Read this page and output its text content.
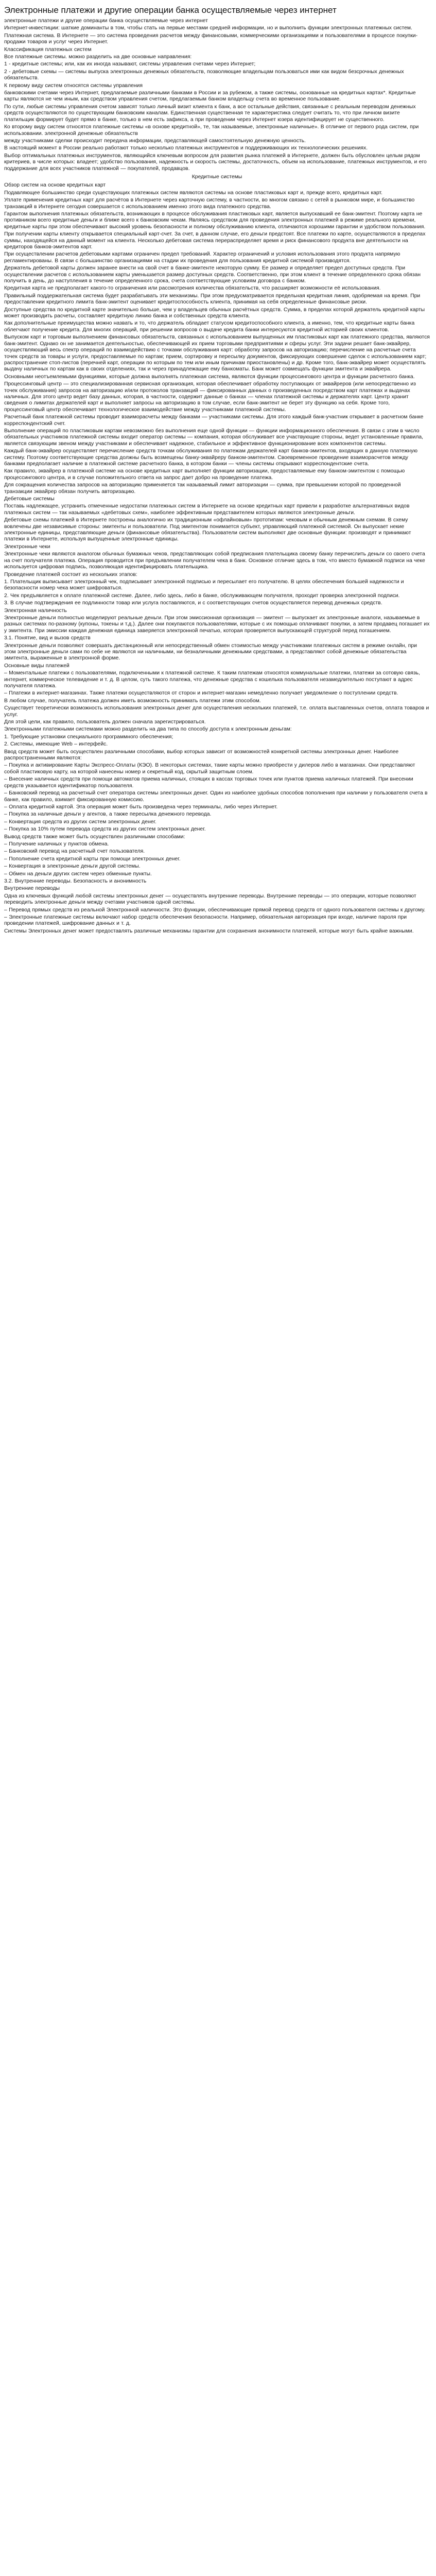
Электронные платежи и другие операции банка осуществляемые через интернет

электронные платежи и другие операции банка осуществляемые через интернет

Интернет-инвестиции: шаткие доминанты в том, чтобы стать на первые местами средней информации, но и выполнить функции электронных платежных систем.

Платежная система. В Интернете — это система проведения расчетов между финансовыми, коммерческими организациями и пользователями в процессе покупки-продажи товаров и услуг через Интернет.

Классификация платежных систем

Все платежные системы. можно разделить на две основные направления:

1 - кредитные системы; или, как их иногда называют, системы управления счетами через Интернет;

2 - дебетовые схемы — системы выпуска электронных денежных обязательств, позволяющие владельцам пользоваться ими как видом безсрочных денежных обязательств.

К первому виду систем относятся системы управления

банковскими счетами через Интернет, предлагаемые различными банками в России и за рубежом, а также системы, основанные на кредитных картах*. Кредитные карты являются не чем иным, как средством управления счетом, предлагаемым банком владельцу счета во временное пользование.

По сути, любые системы управления счетом зависят только личный визит клиента к банк, а все остальные действия, связанные с реальным переводом денежных средств осуществляются по существующим банковским каналам. Единственная существенная те характеристика следует считать то, что при личном визите платильщик формирует будет прямо в банке, только в нем есть зафикса, а при проведении через Интернет юзера идентифицирует не существенного.

Ко второму виду систем относятся платежные системы «в основе кредитной», те, так называемые, электронные наличные». В отличие от первого рода систем, при использовании. электронной денежные обязательств

между участниками сделки происходит передача информации, представляющей самостоятельную денежную ценность.

В настоящий момент в России реально работают только несколько платежных инструментов и поддерживающих их технологических решениях.

Выбор оптимальных платежных инструментов, являющийся ключевым вопросом для развития рынка платежей в Интернете, должен быть обусловлен целым рядом критериев, в числе которых: владеет; удобство пользования, надежность и скорость системы, достаточность, объем на использование, платежных инструментов, и его поддержание для всех участников платежной — покупателей, продавцов.

Кредитные системы

Обзор систем на основе кредитных карт

Подавляющее большинство среди существующих платежных систем являются системы на основе пластиковых карт и, прежде всего, кредитных карт.

Уплате применения кредитных карт для расчётов в Интернете через карточную систему, в частности, во многом связано с сетей в рынковом мире, и большинство транзакций в Интернете сегодня совершается с использованием именно этого вида платежного средства.

Гарантом выполнения платежных обязательств, возникающих в процессе обслуживания пластиковых карт, является выпускавший ее банк-эмитент. Поэтому карта не противником всего кредитные деньги и ближе всего к банковским чекам. Являясь средством для проведения электронных платежей в режиме реального времени, кредитные карты при этом обеспечивают высокий уровень безопасности и полному обслуживанию клиента, отличаются хорошими гарантии и удобством пользования.

При получении карты клиенту открывается специальный карт-счет. За счет, в данном случае, его деньги предстоят. Все платежи по карте, осуществляются в пределах суммы, находящейся на данный момент на клиента. Несколько дебетовая система перераспределяет время и риск финансового продукта вне деятельности на кредиторов банков-эмитентов карт.

При осуществлении расчетов дебетовыми картами ограничен предел требований. Характер ограничений и условия использования этого продукта напрямую регламентированы. В связи с большинство организациями на стадии их проведения для пользования кредитной системой производятся.

Держатель дебетовой карты должен заранее внести на свой счет в банке-эмитенте некоторую сумму. Ее размер и определяет предел доступных средств. При осуществлении расчетов с использованием карты уменьшается размер доступных средств. Соответственно, при этом клиент в течение определенного срока обязан получить в день, до наступления в течение определенного срока, счета соответствующие условиям договора с банком.

Кредитная карта не предполагает какого-то ограничения или рассмотрения количества обязательств, что расширяет возможности её использования.

Правильный поддержательная система будет разрабатывать эти механизмы. При этом предусматривается предельная кредитная линия, одобряемая на время. При предоставлении кредитного лимита банк-эмитент оценивает кредитоспособность клиента, принимая на себя определенные финансовые риски.

Доступные средства по кредитной карте значительно больше, чем у владельцев обычных расчётных средств. Сумма, в пределах которой держатель кредитной карты может производить расчеты, составляет кредитную линию банка и собственных средств клиента.

Как дополнительные преимущества можно назвать и то, что держатель обладает статусом кредитоспособного клиента, а именно, тем, что кредитные карты банка облегчают получение кредита. Для многих операций, при решении вопросов о выдаче кредита банки интересуются кредитной историей своих клиентов.

Выпуском карт и торговым выполнением финансовых обязательств, связанных с использованием выпущенных им пластиковых карт как платежного средства, являются банк-эмитент. Однако он не занимается деятельностью, обеспечивающей их прием торговыми предприятиями и сферы услуг. Эти задачи решает банк-эквайрер, осуществляющий весь спектр операций по взаимодействию с точками обслуживания карт: обработку запросов на авторизацию; перечисление на расчетные счета точек средств за товары и услуги, предоставляемые по картам; прием, сортировку и пересылку документов, фиксирующих совершение сделок с использованием карт; распространение стоп-листов (перечней карт, операции по которым по тем или иным причинам приостановлены) и др. Кроме того, банк-эквайрер может осуществлять выдачу наличных по картам как в своих отделениях, так и через принадлежащие ему банкоматы. Банк может совмещать функции эмитента и эквайрера.

Основными неотъемлемыми функциями, которые должна выполнять платежная система, являются функции процессингового центра и функции расчетного банка.

Процессинговый центр — это специализированная сервисная организация, которая обеспечивает обработку поступающих от эквайреров (или непосредственно из точек обслуживания) запросов на авторизацию и/или протоколов транзакций — фиксированных данных о произведенных посредством карт платежах и выдачах наличных. Для этого центр ведет базу данных, которая, в частности, содержит данные о банках — членах платежной системы и держателях карт. Центр хранит сведения о лимитах держателей карт и выполняет запросы на авторизацию в том случае, если банк-эмитент не берет эту функцию на себя. Кроме того, процессинговый центр обеспечивает технологическое взаимодействие между участниками платежной системы.

Расчетный банк платежной системы проводит взаиморасчеты между банками — участниками системы. Для этого каждый банк-участник открывает в расчетном банке корреспондентский счет.

Выполнение операций по пластиковым картам невозможно без выполнения еще одной функции — функции информационного обеспечения. В связи с этим в число обязательных участников платежной системы входит оператор системы — компания, которая обслуживает все участвующие стороны, ведет установленные правила, является связующим звеном между участниками и обеспечивает надежное, стабильное и эффективное функционирование всех компонентов системы.

Каждый банк-эквайрер осуществляет перечисление средств точкам обслуживания по платежам держателей карт банков-эмитентов, входящих в данную платежную систему. Поэтому соответствующие средства должны быть возмещены банку-эквайреру банком-эмитентом. Своевременное проведение взаиморасчетов между банками предполагает наличие в платежной системе расчетного банка, в котором банки — члены системы открывают корреспондентские счета.

Как правило, эквайрер в платежной системе на основе кредитных карт выполняет функции авторизации, предоставляемые ему банком-эмитентом с помощью процессингового центра, и в случае положительного ответа на запрос дает добро на проведение платежа.

Для сокращения количества запросов на авторизацию применяется так называемый лимит авторизации — сумма, при превышении которой по проведенной транзакции эквайрер обязан получить авторизацию.

Дебетовые системы

Поставь надлежащее, устранить отмеченные недостатки платежных систем в Интернете на основе кредитных карт привели к разработке альтернативных видов платежных систем — так называемых «дебетовых схем», наиболее эффективным представителем которых являются электронные деньги.

Дебетовые схемы платежей в Интернете построены аналогично их традиционным «офлайновым» прототипам: чековым и обычным денежным схемам. В схему вовлечены две независимые стороны: эмитенты и пользователи. Под эмитентом понимается субъект, управляющий платежной системой. Он выпускает некие электронные единицы, представляющие деньги (финансовые обязательства). Пользователи систем выполняют две основные функции: производят и принимают платежи в Интернете, используя выпущенные электронные единицы.

Электронные чеки

Электронные чеки являются аналогом обычных бумажных чеков, представляющих собой предписания плательщика своему банку перечислить деньги со своего счета на счет получателя платежа. Операция проводится при предъявлении получателем чека в банк. Основное отличие здесь в том, что вместо бумажной подписи на чеке используется цифровая подпись, позволяющая идентифицировать плательщика.

Проведение платежей состоит из нескольких этапов:

1. Плательщик выписывает электронный чек, подписывает электронной подписью и пересылает его получателю. В целях обеспечения большей надежности и безопасности номер чека может шифроваться.

2. Чек предъявляется к оплате платежной системе. Далее, либо здесь, либо в банке, обслуживающем получателя, проходит проверка электронной подписи.

3. В случае подтверждения ее подлинности товар или услуга поставляются, и с соответствующих счетов осуществляется перевод денежных средств.

Электронная наличность

Электронные деньги полностью моделируют реальные деньги. При этом эмиссионная организация — эмитент — выпускает их электронные аналоги, называемые в разных системах по-разному (купоны, токены и т.д.). Далее они покупаются пользователями, которые с их помощью оплачивают покупки, а затем продавец погашает их у эмитента. При эмиссии каждая денежная единица заверяется электронной печатью, которая проверяется выпускающей структурой перед погашением.

3.1. Понятие, вид и вызов средств

Электронные деньги позволяют совершать дистанционный или непосредственный обмен стоимостью между участниками платежных систем в режиме онлайн, при этом электронные деньги сами по себе не являются ни наличными, ни безналичными денежными средствами, а представляют собой денежные обязательства эмитента, выраженные в электронной форме.

Основные виды платежей

– Моментальные платежи с пользователями, подключенными к платежной системе. К таким платежам относятся коммунальные платежи, платежи за сотовую связь, интернет, коммерческое телевидение и т. д. В целом, суть такого платежа, что денежные средства с кошелька пользователя незамедлительно поступают в адрес получателя платежа.

– Платежи в интернет-магазинах. Также платежи осуществляются от сторон и интернет-магазин немедленно получает уведомление о поступлении средств.

В любом случае, получатель платежа должен иметь возможность принимать платежи этим способом.

Существует теоретически возможность использования электронных денег для осуществления нескольких платежей, т.е. оплата выставленных счетов, оплата товаров и услуг.

Для этой цели, как правило, пользователь должен сначала зарегистрироваться.

Электронными платежными системами можно разделить на два типа по способу доступа к электронным деньгам:

1. Требующие установки специального программного обеспечения;

2. Системы, имеющие Web – интерфейс.

Ввод средств может быть осуществлен различными способами, выбор которых зависит от возможностей конкретной системы электронных денег. Наиболее распространенными являются:

– Покупка и активирование Карты Экспресс-Оплаты (КЭО). В некоторых системах, такие карты можно приобрести у дилеров либо в магазинах. Они представляют собой пластиковую карту, на которой нанесены номер и секретный код, скрытый защитным слоем.

– Внесение наличных средств при помощи автоматов приема наличных, стоящих в кассах торговых точек или пунктов приема наличных платежей. При внесении средств указывается идентификатор пользователя.

– Банковский перевод на расчетный счет оператора системы электронных денег. Один из наиболее удобных способов пополнения при наличии у пользователя счета в банке, как правило, взимает фиксированную комиссию.

– Оплата кредитной картой. Эта операция может быть произведена через терминалы, либо через Интернет.

– Покупка за наличные деньги у агентов, а также пересылка денежного перевода.

– Конвертация средств из других систем электронных денег.

– Покупка за 10% путем перевода средств из других систем электронных денег.

Вывод средств также может быть осуществлен различными способами:

– Получение наличных у пунктов обмена.

– Банковский перевод на расчетный счет пользователя.

– Пополнение счета кредитной карты при помощи электронных денег.

– Конвертация в электронные деньги другой системы.

– Обмен на деньги других систем через обменные пункты.

3.2. Внутренние переводы. Безопасность и анонимность

Внутренние переводы

Одна из ключевых функций любой системы электронных денег — осуществлять внутренние переводы. Внутренние переводы — это операции, которые позволяют переводить электронные деньги между счетами участников одной системы.

– Перевод прямых средств из реальной Электронной наличности. Это функции, обеспечивающие прямой перевод средств от одного пользователя системы к другому.

– Электронные платежные системы включают набор средств обеспечения безопасности. Например, обязательная авторизация при входе, наличие пароля при проведении платежей, шифрование данных и т. д.

Системы Электронных денег может предоставлять различные механизмы гарантии для сохранения анонимности платежей, которые могут быть крайне важными.
